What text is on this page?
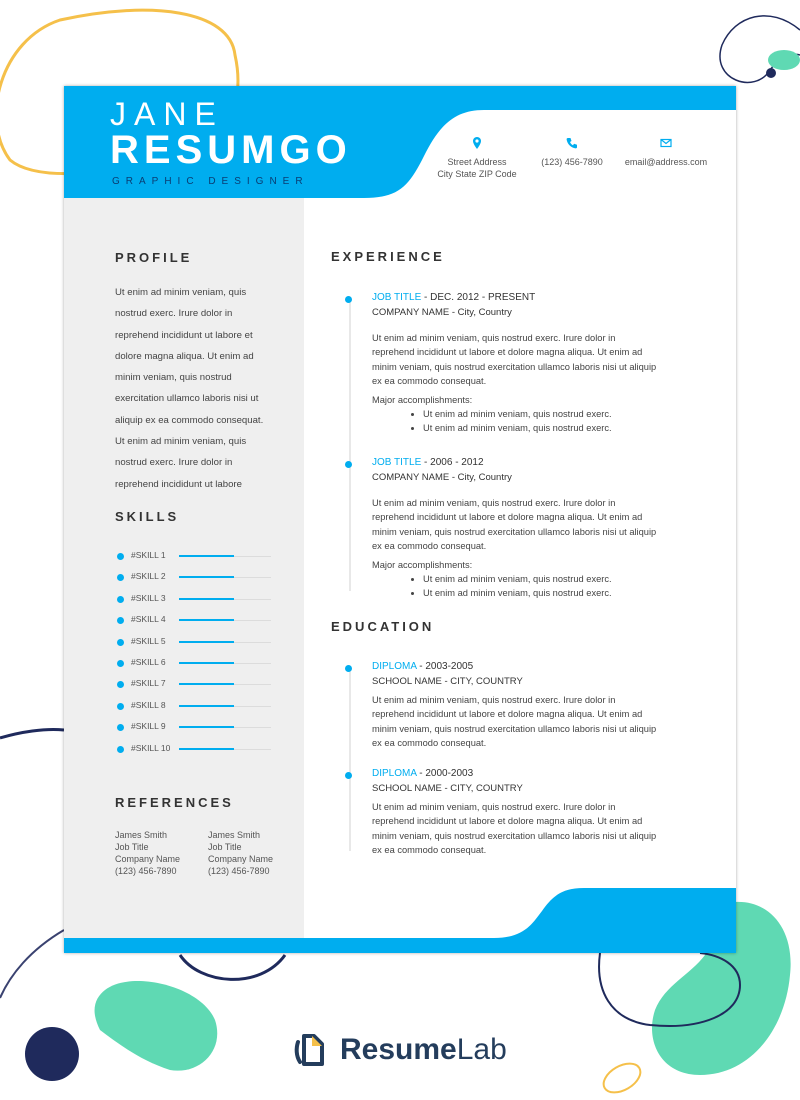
JANE
RESUMGO
GRAPHIC DESIGNER
Street Address
City State ZIP Code
(123) 456-7890	email@address.com
PROFILE
Ut enim ad minim veniam, quis
nostrud exerc. Irure dolor in
reprehend incididunt ut labore et
dolore magna aliqua. Ut enim ad
minim veniam, quis nostrud
exercitation ullamco laboris nisi ut
aliquip ex ea commodo consequat.
Ut enim ad minim veniam, quis
nostrud exerc. Irure dolor in
reprehend incididunt ut labore
SKILLS
#SKILL 1
#SKILL 2
#SKILL 3
#SKILL 4
#SKILL 5
#SKILL 6
#SKILL 7
#SKILL 8
#SKILL 9
#SKILL 10
REFERENCES
James Smith
Job Title
Company Name
(123) 456-7890
James Smith
Job Title
Company Name
(123) 456-7890
EXPERIENCE
JOB TITLE - DEC. 2012 - PRESENT
COMPANY NAME - City, Country
Ut enim ad minim veniam, quis nostrud exerc. Irure dolor in
reprehend incididunt ut labore et dolore magna aliqua. Ut enim ad
minim veniam, quis nostrud exercitation ullamco laboris nisi ut aliquip
ex ea commodo consequat.
Major accomplishments:
• Ut enim ad minim veniam, quis nostrud exerc.
• Ut enim ad minim veniam, quis nostrud exerc.
JOB TITLE - 2006 - 2012
COMPANY NAME - City, Country
Ut enim ad minim veniam, quis nostrud exerc. Irure dolor in
reprehend incididunt ut labore et dolore magna aliqua. Ut enim ad
minim veniam, quis nostrud exercitation ullamco laboris nisi ut aliquip
ex ea commodo consequat.
Major accomplishments:
• Ut enim ad minim veniam, quis nostrud exerc.
• Ut enim ad minim veniam, quis nostrud exerc.
EDUCATION
DIPLOMA - 2003-2005
SCHOOL NAME - CITY, COUNTRY
Ut enim ad minim veniam, quis nostrud exerc. Irure dolor in
reprehend incididunt ut labore et dolore magna aliqua. Ut enim ad
minim veniam, quis nostrud exercitation ullamco laboris nisi ut aliquip
ex ea commodo consequat.
DIPLOMA - 2000-2003
SCHOOL NAME - CITY, COUNTRY
Ut enim ad minim veniam, quis nostrud exerc. Irure dolor in
reprehend incididunt ut labore et dolore magna aliqua. Ut enim ad
minim veniam, quis nostrud exercitation ullamco laboris nisi ut aliquip
ex ea commodo consequat.
ResumeLab
